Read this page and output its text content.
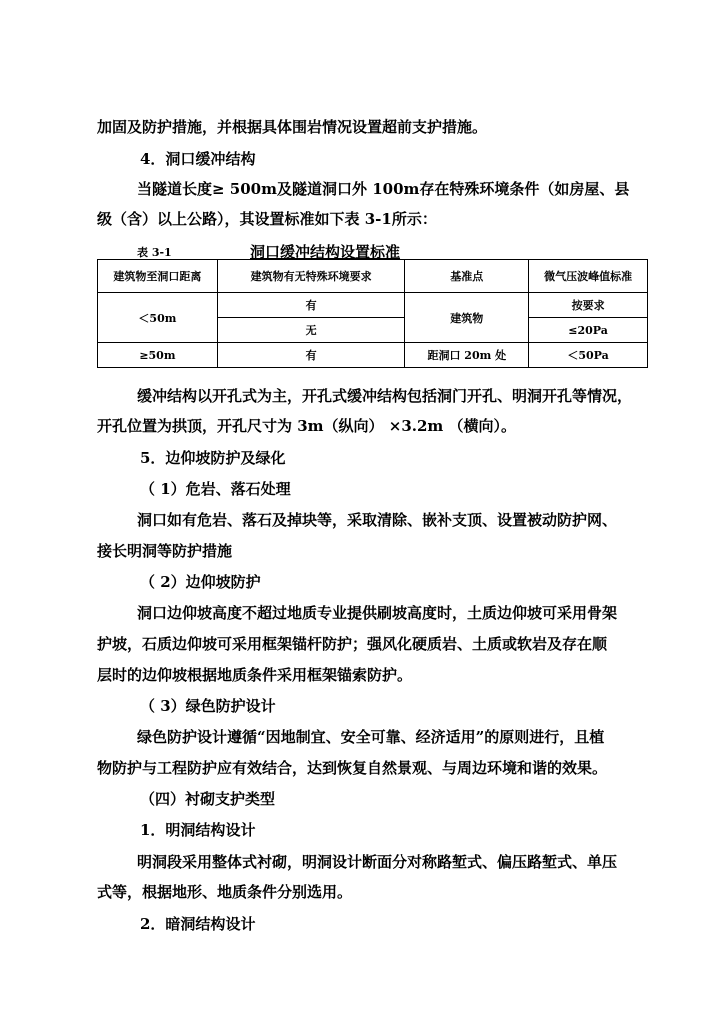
加固及防护措施，并根据具体围岩情况设置超前支护措施。
4．洞口缓冲结构
当隧道长度≥ 500m及隧道洞口外 100m存在特殊环境条件（如房屋、县
级（含）以上公路），其设置标准如下表 3-1所示：
表 3-1	洞口缓冲结构设置标准
建筑物至洞口距离	建筑物有无特殊环境要求	基准点	微气压波峰值标准
＜50m	有	建筑物	按要求
	无		≤20Pa
≥50m	有	距洞口 20m 处	＜50Pa
缓冲结构以开孔式为主，开孔式缓冲结构包括洞门开孔、明洞开孔等情况，
开孔位置为拱顶，开孔尺寸为 3m（纵向） ×3.2m （横向）。
5．边仰坡防护及绿化
（ 1）危岩、落石处理
洞口如有危岩、落石及掉块等，采取清除、嵌补支顶、设置被动防护网、
接长明洞等防护措施
（ 2）边仰坡防护
洞口边仰坡高度不超过地质专业提供刷坡高度时，土质边仰坡可采用骨架
护坡，石质边仰坡可采用框架锚杆防护；强风化硬质岩、土质或软岩及存在顺
层时的边仰坡根据地质条件采用框架锚索防护。
（ 3）绿色防护设计
绿色防护设计遵循“因地制宜、安全可靠、经济适用”的原则进行，且植
物防护与工程防护应有效结合，达到恢复自然景观、与周边环境和谐的效果。
（四）衬砌支护类型
1．明洞结构设计
明洞段采用整体式衬砌，明洞设计断面分对称路堑式、偏压路堑式、单压
式等，根据地形、地质条件分别选用。
2．暗洞结构设计
